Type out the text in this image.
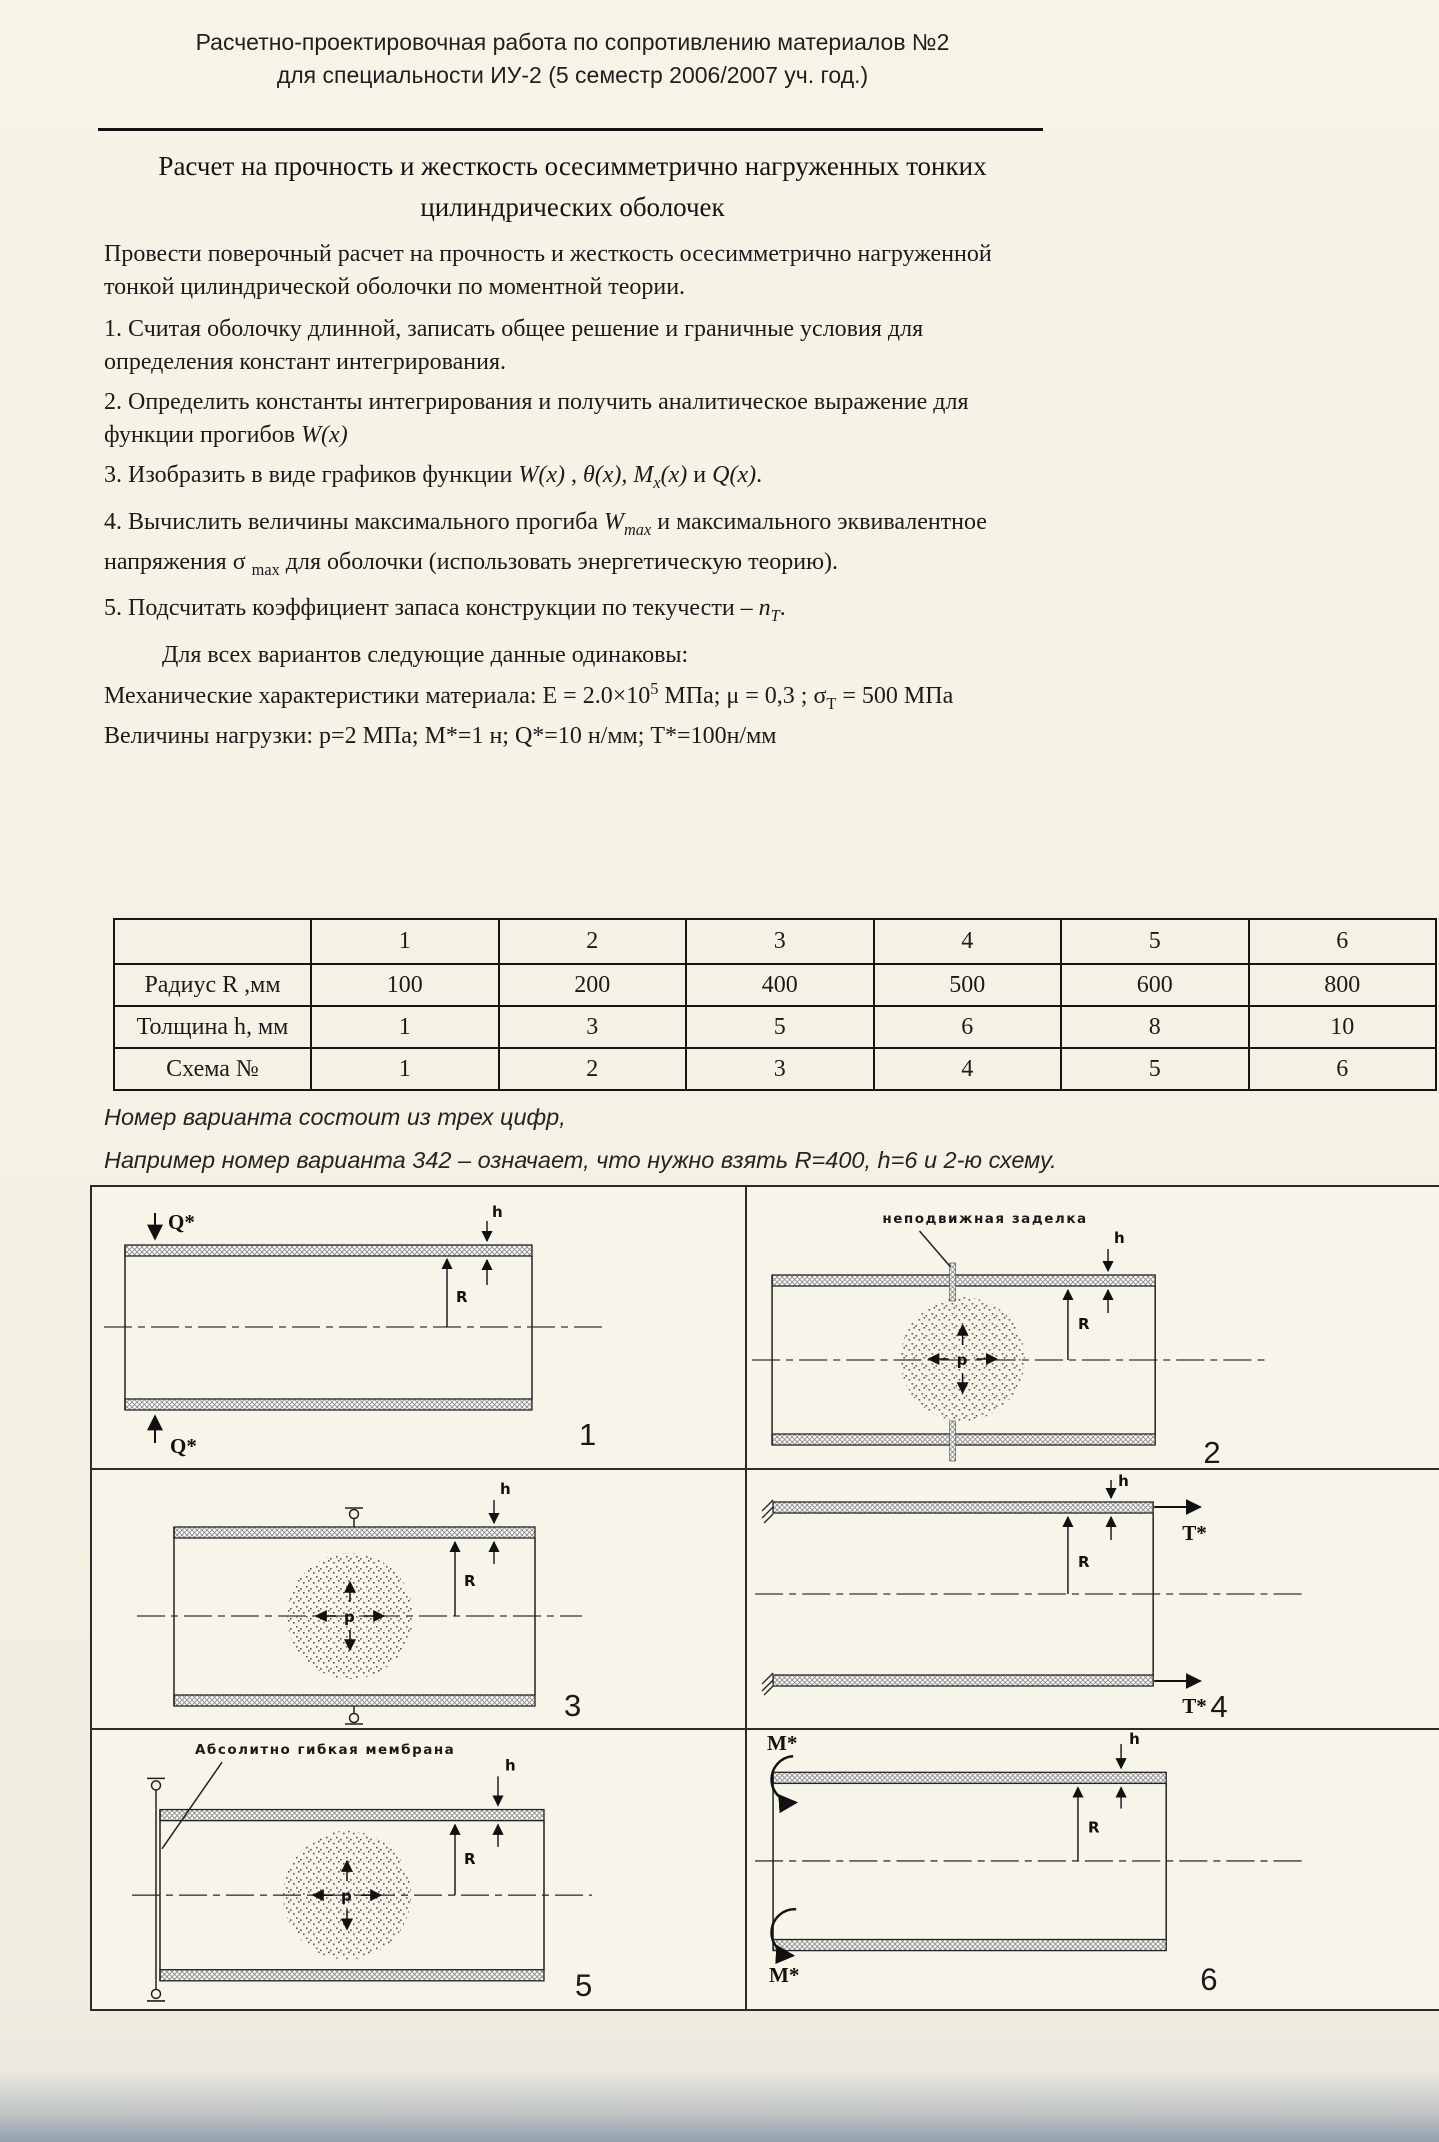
Расчетно-проектировочная работа по сопротивлению материалов №2
для специальности ИУ-2 (5 семестр 2006/2007 уч. год.)
Расчет на прочность и жесткость осесимметрично нагруженных тонких
цилиндрических оболочек

Провести поверочный расчет на прочность и жесткость осесимметрично нагруженной тонкой цилиндрической оболочки по моментной теории.

1. Считая оболочку длинной, записать общее решение и граничные условия для определения констант интегрирования.

2. Определить константы интегрирования и получить аналитическое выражение для функции прогибов W(x)

3. Изобразить в виде графиков функции W(x) , θ(x), $M_x(x)$ и Q(x).

4. Вычислить величины максимального прогиба $W_{max}$ и максимального эквивалентное напряжения σ $_{max}$ для оболочки (использовать энергетическую теорию).

5. Подсчитать коэффициент запаса конструкции по текучести – $n_T$.

Для всех вариантов следующие данные одинаковы:

Механические характеристики материала: $Е = 2.0\times 10^5$ МПа; μ = 0,3 ; $\sigma_Т = 500$ МПа

Величины нагрузки: р=2 МПа; М*=1 н; Q*=10 н/мм; Т*=100н/мм

	1	2	3	4	5	6
Радиус R ,мм	100	200	400	500	600	800
Толщина h, мм	1	3	5	6	8	10
Схема №	1	2	3	4	5	6
Номер варианта состоит из трех цифр,
Например номер варианта 342 – означает, что нужно взять R=400, h=6 и 2-ю схему.
Q*
Q*
h
R
1
неподвижная заделка
p
R
h
2
p
R
h
3
T*
T*
R
h
4
Абсолитно гибкая мембрана
p
R
h
5
M*
M*
R
h
6
